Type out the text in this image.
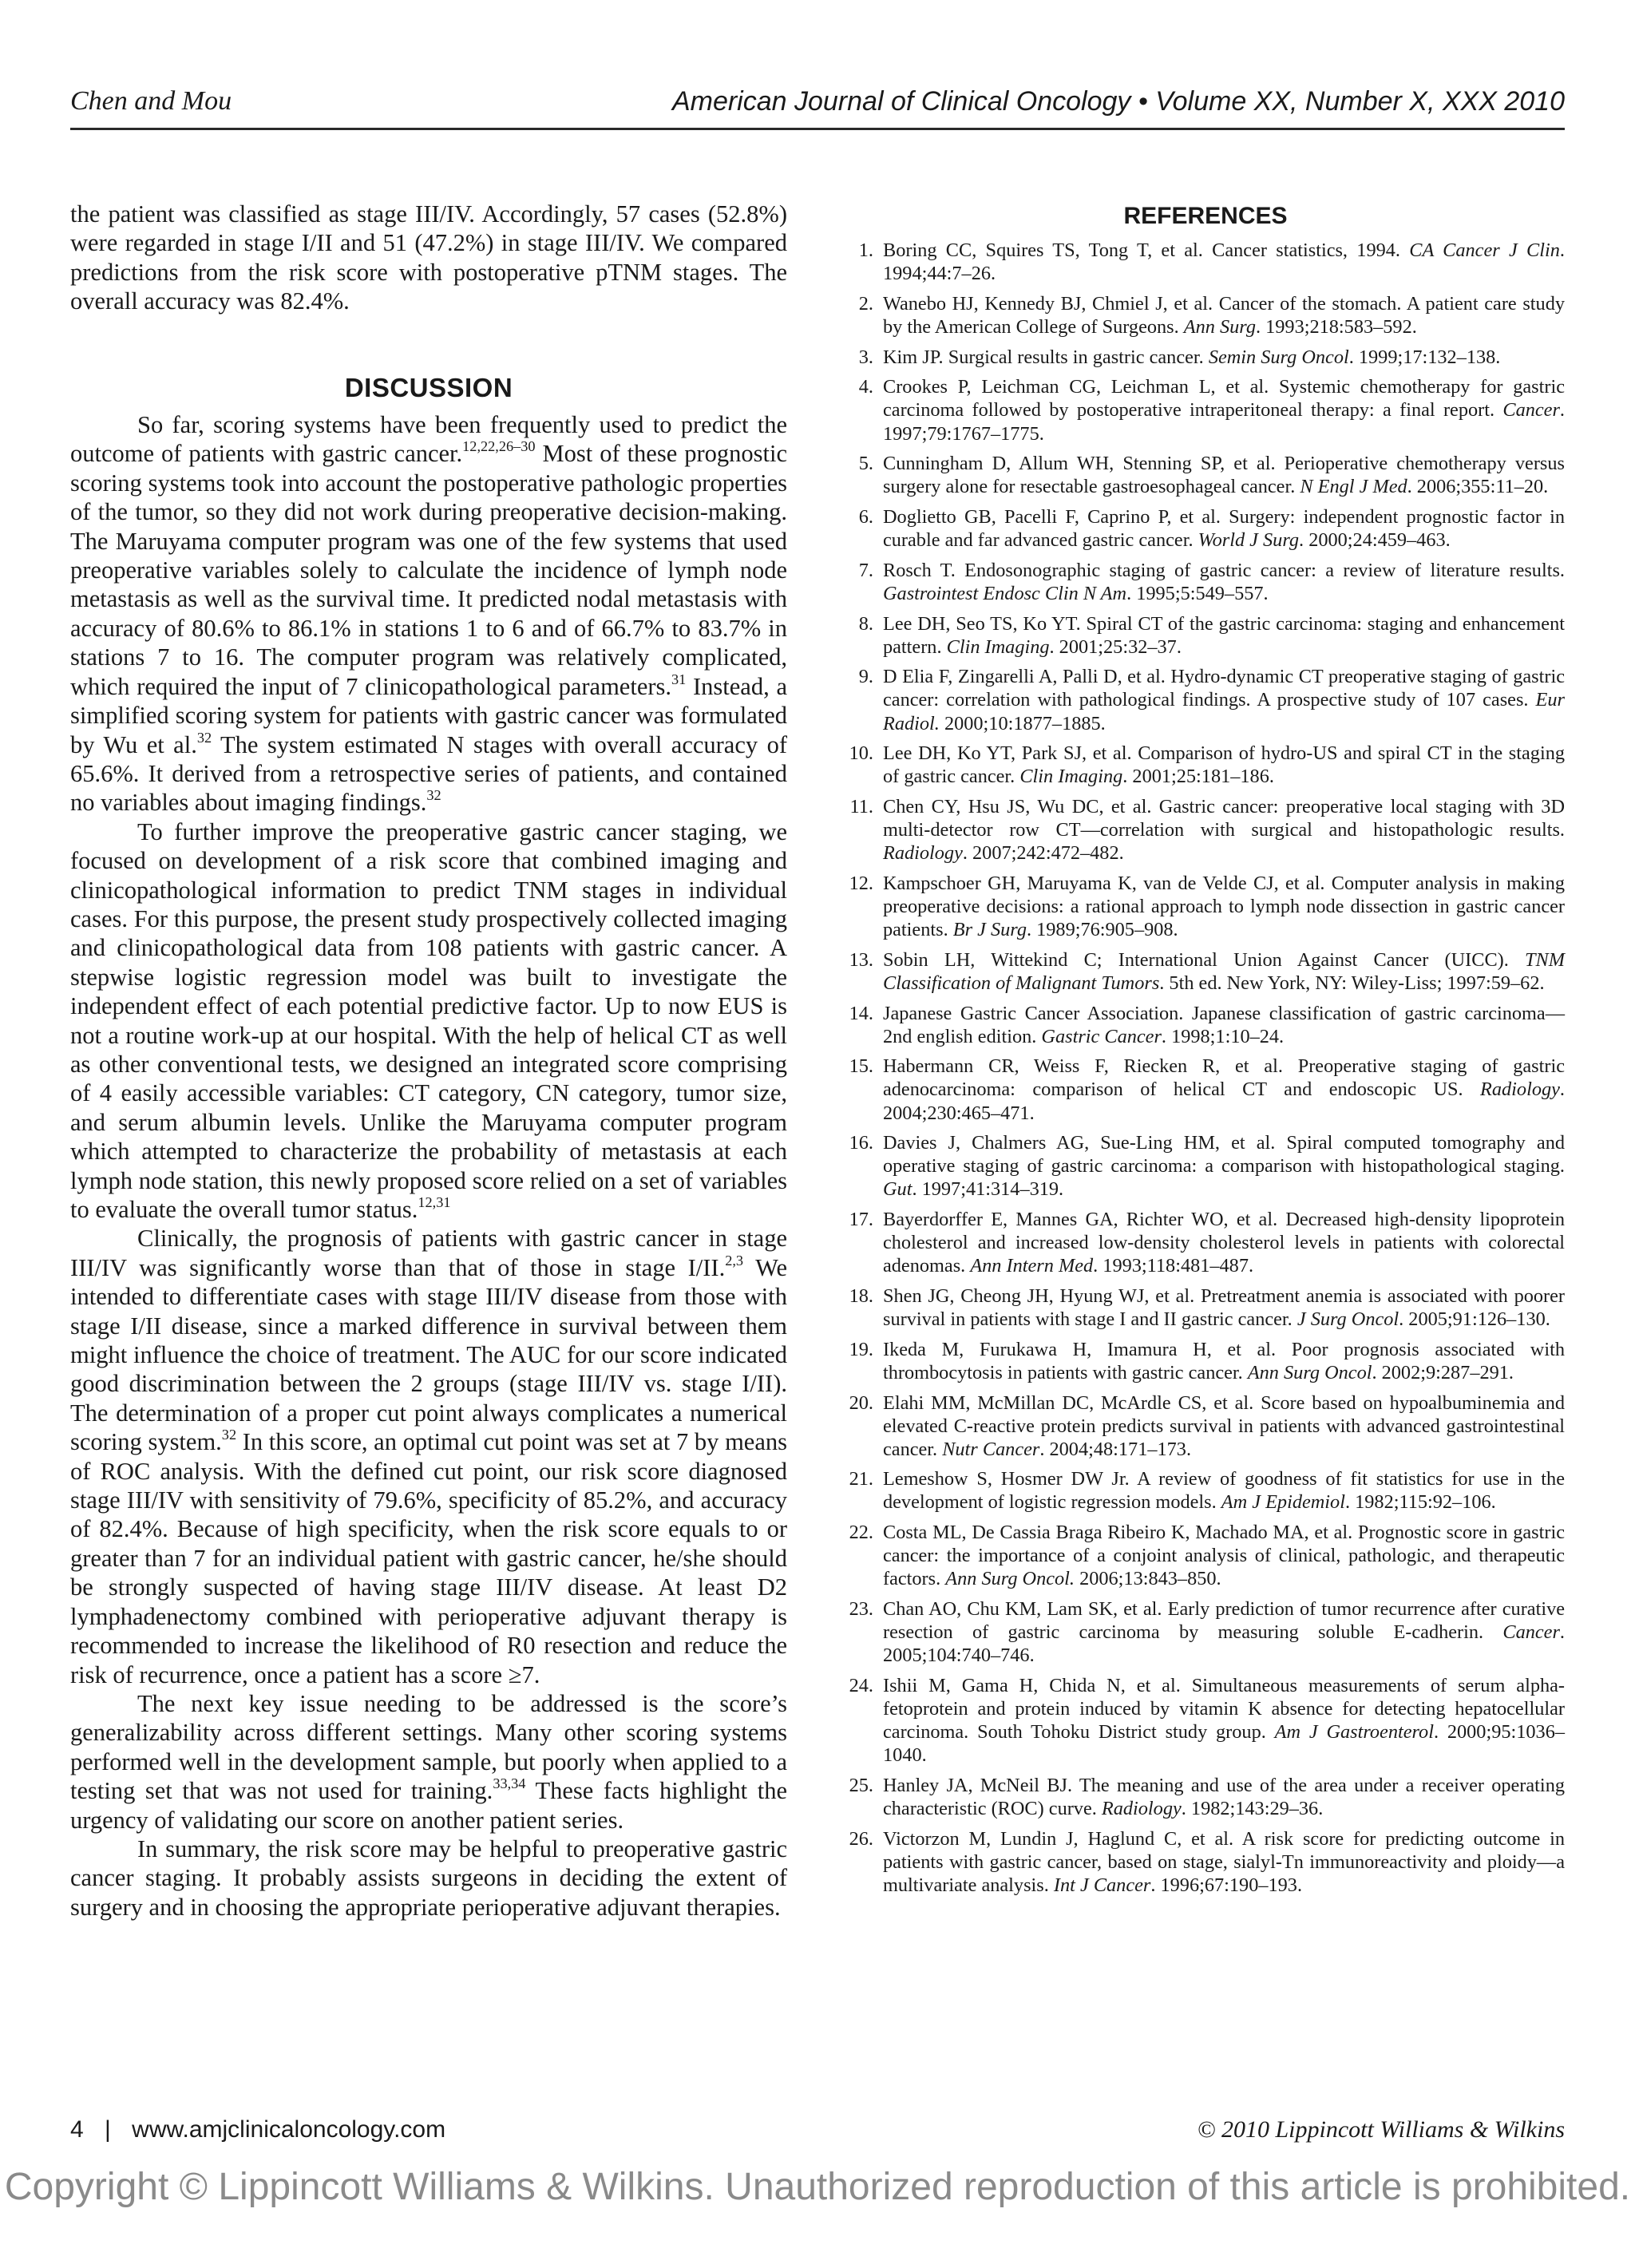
Chen and Mou	American Journal of Clinical Oncology • Volume XX, Number X, XXX 2010

the patient was classified as stage III/IV. Accordingly, 57 cases (52.8%) were regarded in stage I/II and 51 (47.2%) in stage III/IV. We compared predictions from the risk score with postoperative pTNM stages. The overall accuracy was 82.4%.

DISCUSSION

So far, scoring systems have been frequently used to predict the outcome of patients with gastric cancer.$^{12,22,26-30}$ Most of these prognostic scoring systems took into account the postoperative pathologic properties of the tumor, so they did not work during preoperative decision-making. The Maruyama computer program was one of the few systems that used preoperative variables solely to calculate the incidence of lymph node metastasis as well as the survival time. It predicted nodal metastasis with accuracy of 80.6% to 86.1% in stations 1 to 6 and of 66.7% to 83.7% in stations 7 to 16. The computer program was relatively complicated, which required the input of 7 clinicopathological parameters.$^{31}$ Instead, a simplified scoring system for patients with gastric cancer was formulated by Wu et al.$^{32}$ The system estimated N stages with overall accuracy of 65.6%. It derived from a retrospective series of patients, and contained no variables about imaging findings.$^{32}$

To further improve the preoperative gastric cancer staging, we focused on development of a risk score that combined imaging and clinicopathological information to predict TNM stages in individual cases. For this purpose, the present study prospectively collected imaging and clinicopathological data from 108 patients with gastric cancer. A stepwise logistic regression model was built to investigate the independent effect of each potential predictive factor. Up to now EUS is not a routine work-up at our hospital. With the help of helical CT as well as other conventional tests, we designed an integrated score comprising of 4 easily accessible variables: CT category, CN category, tumor size, and serum albumin levels. Unlike the Maruyama computer program which attempted to characterize the probability of metastasis at each lymph node station, this newly proposed score relied on a set of variables to evaluate the overall tumor status.$^{12,31}$

Clinically, the prognosis of patients with gastric cancer in stage III/IV was significantly worse than that of those in stage I/II.$^{2,3}$ We intended to differentiate cases with stage III/IV disease from those with stage I/II disease, since a marked difference in survival between them might influence the choice of treatment. The AUC for our score indicated good discrimination between the 2 groups (stage III/IV vs. stage I/II). The determination of a proper cut point always complicates a numerical scoring system.$^{32}$ In this score, an optimal cut point was set at 7 by means of ROC analysis. With the defined cut point, our risk score diagnosed stage III/IV with sensitivity of 79.6%, specificity of 85.2%, and accuracy of 82.4%. Because of high specificity, when the risk score equals to or greater than 7 for an individual patient with gastric cancer, he/she should be strongly suspected of having stage III/IV disease. At least D2 lymphadenectomy combined with perioperative adjuvant therapy is recommended to increase the likelihood of R0 resection and reduce the risk of recurrence, once a patient has a score ≥7.

The next key issue needing to be addressed is the score’s generalizability across different settings. Many other scoring systems performed well in the development sample, but poorly when applied to a testing set that was not used for training.$^{33,34}$ These facts highlight the urgency of validating our score on another patient series.

In summary, the risk score may be helpful to preoperative gastric cancer staging. It probably assists surgeons in deciding the extent of surgery and in choosing the appropriate perioperative adjuvant therapies.

REFERENCES
1. Boring CC, Squires TS, Tong T, et al. Cancer statistics, 1994. CA Cancer J Clin. 1994;44:7–26.
2. Wanebo HJ, Kennedy BJ, Chmiel J, et al. Cancer of the stomach. A patient care study by the American College of Surgeons. Ann Surg. 1993;218:583–592.
3. Kim JP. Surgical results in gastric cancer. Semin Surg Oncol. 1999;17:132–138.
4. Crookes P, Leichman CG, Leichman L, et al. Systemic chemotherapy for gastric carcinoma followed by postoperative intraperitoneal therapy: a final report. Cancer. 1997;79:1767–1775.
5. Cunningham D, Allum WH, Stenning SP, et al. Perioperative chemotherapy versus surgery alone for resectable gastroesophageal cancer. N Engl J Med. 2006;355:11–20.
6. Doglietto GB, Pacelli F, Caprino P, et al. Surgery: independent prognostic factor in curable and far advanced gastric cancer. World J Surg. 2000;24:459–463.
7. Rosch T. Endosonographic staging of gastric cancer: a review of literature results. Gastrointest Endosc Clin N Am. 1995;5:549–557.
8. Lee DH, Seo TS, Ko YT. Spiral CT of the gastric carcinoma: staging and enhancement pattern. Clin Imaging. 2001;25:32–37.
9. D Elia F, Zingarelli A, Palli D, et al. Hydro-dynamic CT preoperative staging of gastric cancer: correlation with pathological findings. A prospective study of 107 cases. Eur Radiol. 2000;10:1877–1885.
10. Lee DH, Ko YT, Park SJ, et al. Comparison of hydro-US and spiral CT in the staging of gastric cancer. Clin Imaging. 2001;25:181–186.
11. Chen CY, Hsu JS, Wu DC, et al. Gastric cancer: preoperative local staging with 3D multi-detector row CT—correlation with surgical and histopathologic results. Radiology. 2007;242:472–482.
12. Kampschoer GH, Maruyama K, van de Velde CJ, et al. Computer analysis in making preoperative decisions: a rational approach to lymph node dissection in gastric cancer patients. Br J Surg. 1989;76:905–908.
13. Sobin LH, Wittekind C; International Union Against Cancer (UICC). TNM Classification of Malignant Tumors. 5th ed. New York, NY: Wiley-Liss; 1997:59–62.
14. Japanese Gastric Cancer Association. Japanese classification of gastric carcinoma—2nd english edition. Gastric Cancer. 1998;1:10–24.
15. Habermann CR, Weiss F, Riecken R, et al. Preoperative staging of gastric adenocarcinoma: comparison of helical CT and endoscopic US. Radiology. 2004;230:465–471.
16. Davies J, Chalmers AG, Sue-Ling HM, et al. Spiral computed tomography and operative staging of gastric carcinoma: a comparison with histopathological staging. Gut. 1997;41:314–319.
17. Bayerdorffer E, Mannes GA, Richter WO, et al. Decreased high-density lipoprotein cholesterol and increased low-density cholesterol levels in patients with colorectal adenomas. Ann Intern Med. 1993;118:481–487.
18. Shen JG, Cheong JH, Hyung WJ, et al. Pretreatment anemia is associated with poorer survival in patients with stage I and II gastric cancer. J Surg Oncol. 2005;91:126–130.
19. Ikeda M, Furukawa H, Imamura H, et al. Poor prognosis associated with thrombocytosis in patients with gastric cancer. Ann Surg Oncol. 2002;9:287–291.
20. Elahi MM, McMillan DC, McArdle CS, et al. Score based on hypoalbuminemia and elevated C-reactive protein predicts survival in patients with advanced gastrointestinal cancer. Nutr Cancer. 2004;48:171–173.
21. Lemeshow S, Hosmer DW Jr. A review of goodness of fit statistics for use in the development of logistic regression models. Am J Epidemiol. 1982;115:92–106.
22. Costa ML, De Cassia Braga Ribeiro K, Machado MA, et al. Prognostic score in gastric cancer: the importance of a conjoint analysis of clinical, pathologic, and therapeutic factors. Ann Surg Oncol. 2006;13:843–850.
23. Chan AO, Chu KM, Lam SK, et al. Early prediction of tumor recurrence after curative resection of gastric carcinoma by measuring soluble E-cadherin. Cancer. 2005;104:740–746.
24. Ishii M, Gama H, Chida N, et al. Simultaneous measurements of serum alpha-fetoprotein and protein induced by vitamin K absence for detecting hepatocellular carcinoma. South Tohoku District study group. Am J Gastroenterol. 2000;95:1036–1040.
25. Hanley JA, McNeil BJ. The meaning and use of the area under a receiver operating characteristic (ROC) curve. Radiology. 1982;143:29–36.
26. Victorzon M, Lundin J, Haglund C, et al. A risk score for predicting outcome in patients with gastric cancer, based on stage, sialyl-Tn immunoreactivity and ploidy—a multivariate analysis. Int J Cancer. 1996;67:190–193.
4 | www.amjclinicaloncology.com	© 2010 Lippincott Williams & Wilkins
Copyright © Lippincott Williams & Wilkins. Unauthorized reproduction of this article is prohibited.
